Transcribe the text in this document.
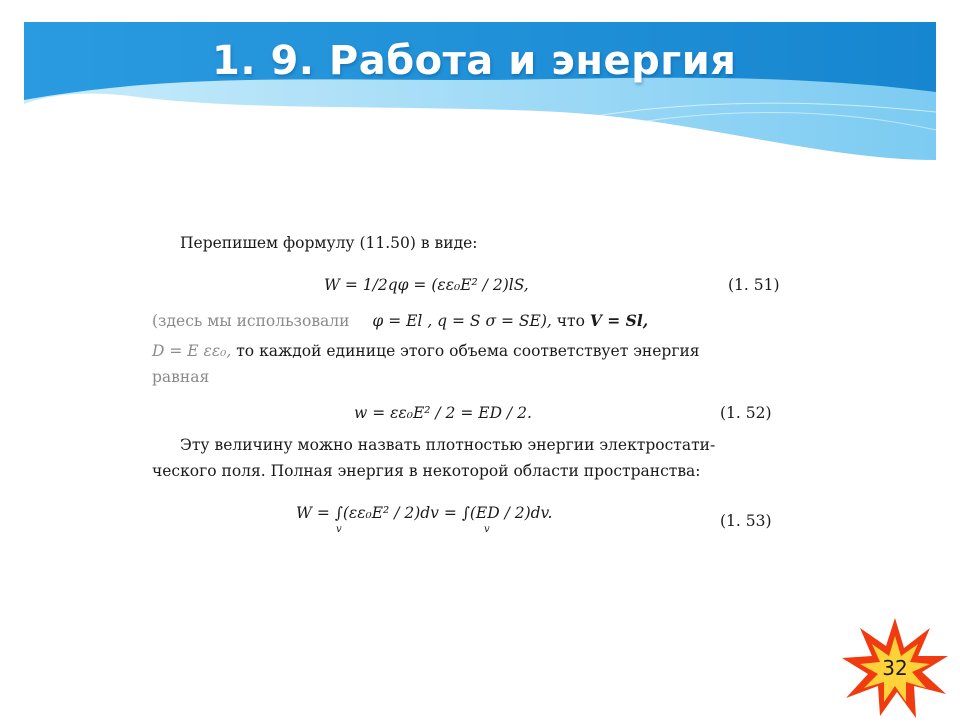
1. 9. Работа и энергия
Перепишем формулу (11.50) в виде:
W = 1/2qφ = (εε₀E² / 2)lS,	(1. 51)
(здесь мы использовали φ = El , q = S σ = SE), что V = Sl,
D = E εε₀, то каждой единице этого объема соответствует энергия
равная
w = εε₀E² / 2 = ED / 2.	(1. 52)
Эту величину можно назвать плотностью энергии электростати-
ческого поля. Полная энергия в некоторой области пространства:
W = ∫(εε₀E² / 2)dv = ∫(ED / 2)dv.
v	v	(1. 53)
32
